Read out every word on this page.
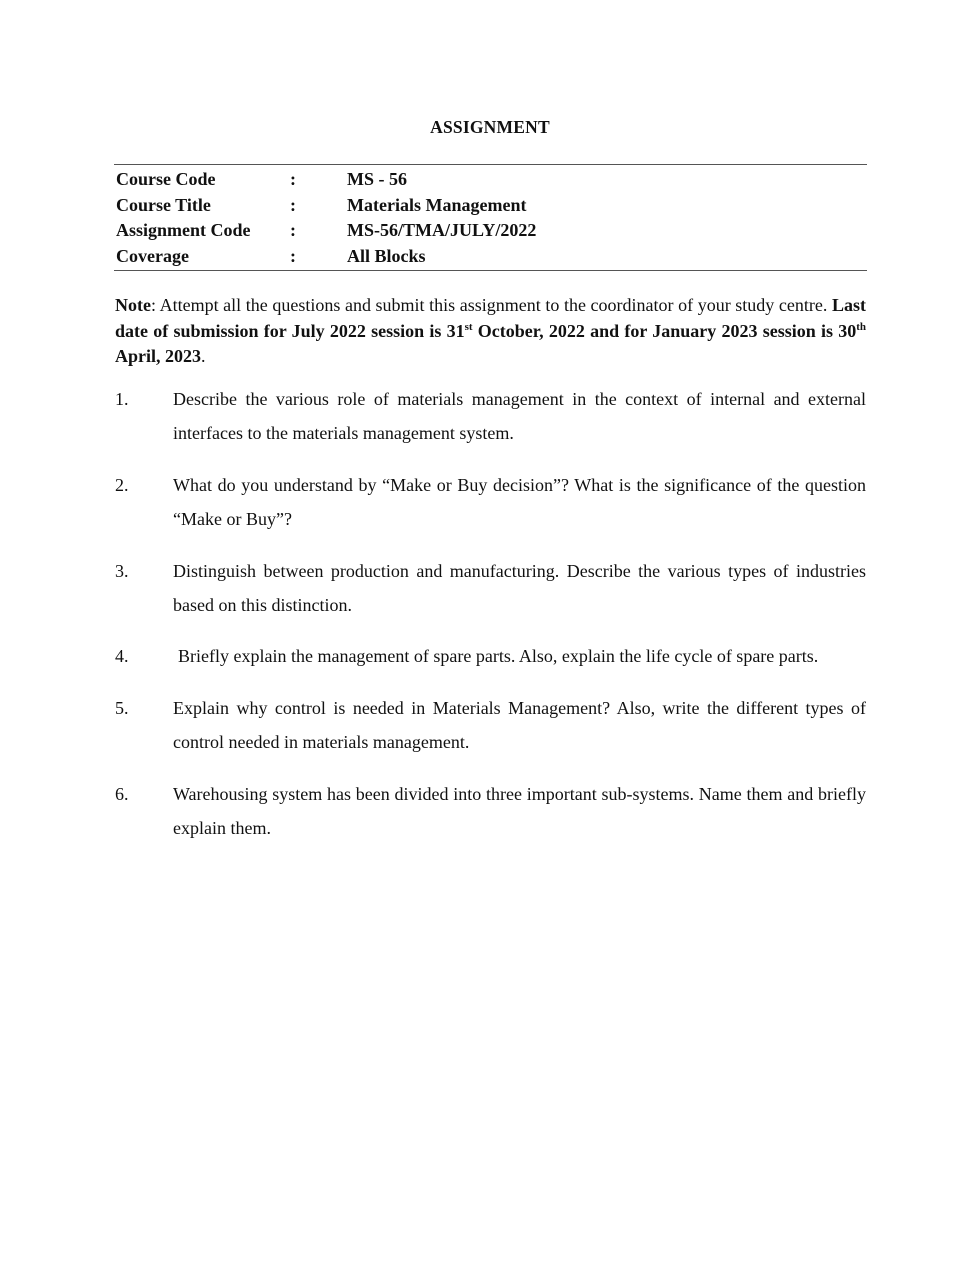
ASSIGNMENT
Course Code	:	MS - 56
Course Title	:	Materials Management
Assignment Code	:	MS-56/TMA/JULY/2022
Coverage	:	All Blocks
Note: Attempt all the questions and submit this assignment to the coordinator of your study centre. Last date of submission for July 2022 session is 31st October, 2022 and for January 2023 session is 30th April, 2023.
1.	Describe the various role of materials management in the context of internal and external interfaces to the materials management system.
2.	What do you understand by “Make or Buy decision”? What is the significance of the question “Make or Buy”?
3.	Distinguish between production and manufacturing. Describe the various types of industries based on this distinction.
4.	Briefly explain the management of spare parts. Also, explain the life cycle of spare parts.
5.	Explain why control is needed in Materials Management? Also, write the different types of control needed in materials management.
6.	Warehousing system has been divided into three important sub-systems. Name them and briefly explain them.
